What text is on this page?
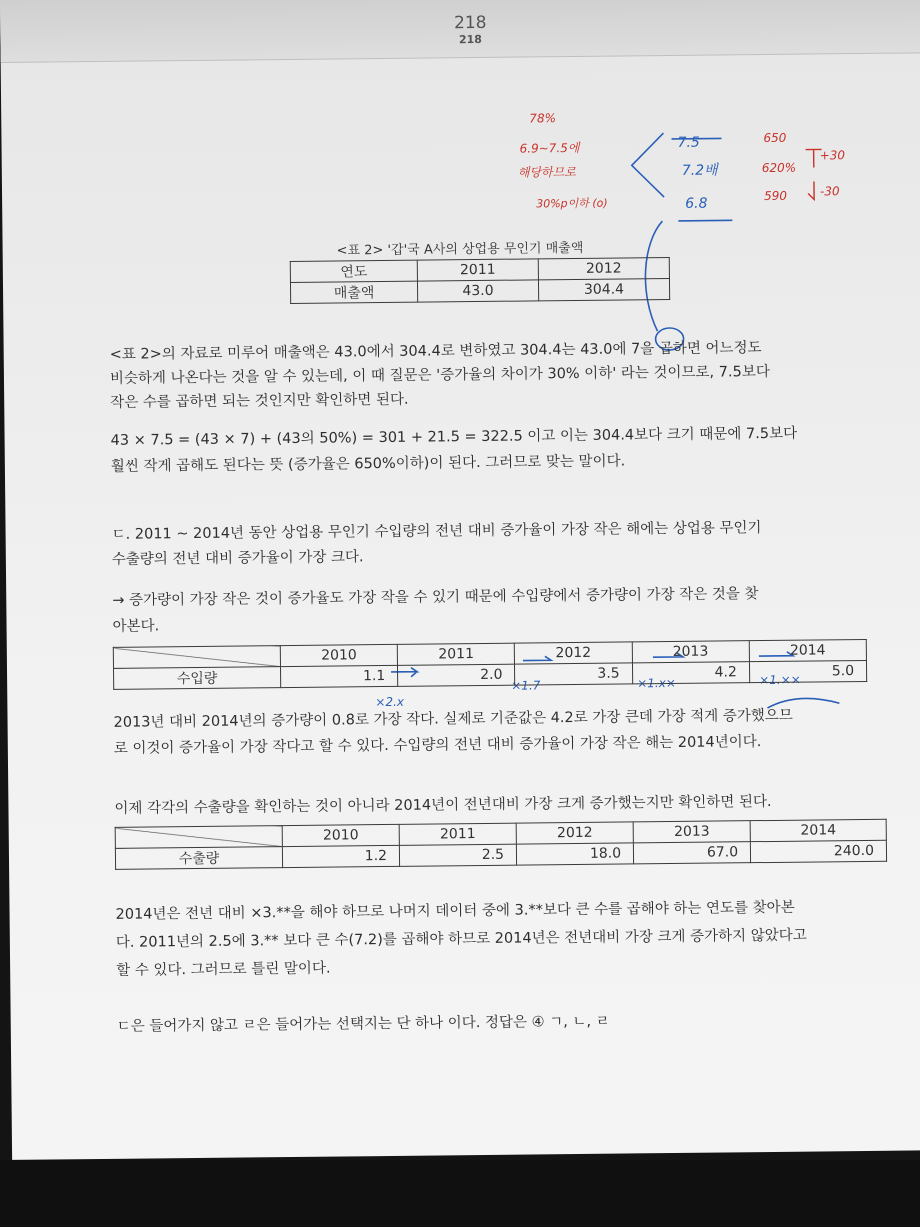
218
218
78%
6.9~7.5에
해당하므로
30%p이하 (o)
650
620%
590
+30
-30
7.5
7.2배
6.8
×2.x
×1.7	×1.x×	×1.××
<표 2> '갑'국 A사의 상업용 무인기 매출액
연도	2011	2012
매출액	43.0	304.4
<표 2>의 자료로 미루어 매출액은 43.0에서 304.4로 변하였고 304.4는 43.0에 7을 곱하면 어느정도
비슷하게 나온다는 것을 알 수 있는데, 이 때 질문은 '증가율의 차이가 30% 이하' 라는 것이므로, 7.5보다
작은 수를 곱하면 되는 것인지만 확인하면 된다.
43 × 7.5 = (43 × 7) + (43의 50%) = 301 + 21.5 = 322.5 이고 이는 304.4보다 크기 때문에 7.5보다
훨씬 작게 곱해도 된다는 뜻 (증가율은 650%이하)이 된다. 그러므로 맞는 말이다.
ㄷ. 2011 ~ 2014년 동안 상업용 무인기 수입량의 전년 대비 증가율이 가장 작은 해에는 상업용 무인기
수출량의 전년 대비 증가율이 가장 크다.
→ 증가량이 가장 작은 것이 증가율도 가장 작을 수 있기 때문에 수입량에서 증가량이 가장 작은 것을 찾
아본다.
	2010	2011	2012	2013	2014
수입량	1.1	2.0	3.5	4.2	5.0
2013년 대비 2014년의 증가량이 0.8로 가장 작다. 실제로 기준값은 4.2로 가장 큰데 가장 적게 증가했으므
로 이것이 증가율이 가장 작다고 할 수 있다. 수입량의 전년 대비 증가율이 가장 작은 해는 2014년이다.
이제 각각의 수출량을 확인하는 것이 아니라 2014년이 전년대비 가장 크게 증가했는지만 확인하면 된다.
	2010	2011	2012	2013	2014
수출량	1.2	2.5	18.0	67.0	240.0
2014년은 전년 대비 ×3.**을 해야 하므로 나머지 데이터 중에 3.**보다 큰 수를 곱해야 하는 연도를 찾아본
다. 2011년의 2.5에 3.** 보다 큰 수(7.2)를 곱해야 하므로 2014년은 전년대비 가장 크게 증가하지 않았다고
할 수 있다. 그러므로 틀린 말이다.
ㄷ은 들어가지 않고 ㄹ은 들어가는 선택지는 단 하나 이다. 정답은 ④ ㄱ, ㄴ, ㄹ
